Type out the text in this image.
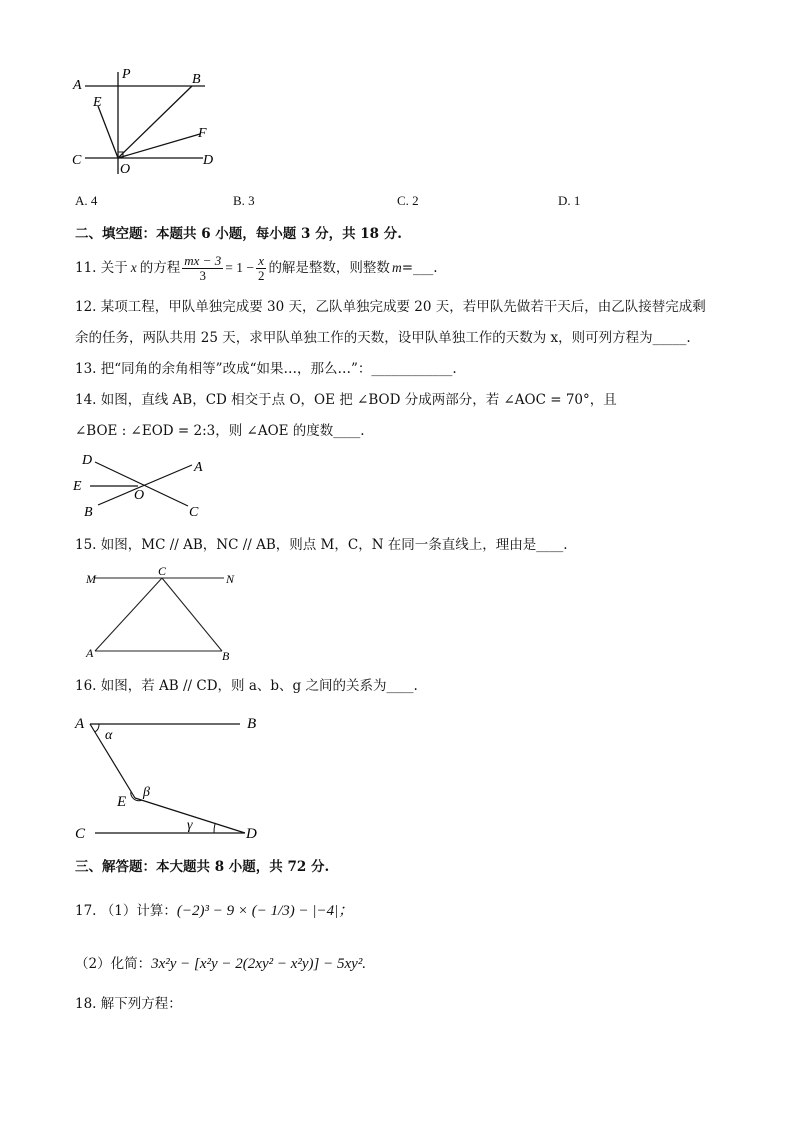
A
P	B
E
F
C
O
D
A. 4	B. 3	C. 2	D. 1
二、填空题：本题共 6 小题，每小题 3 分，共 18 分.
11. 关于 x 的方程 $\frac{mx - 3}{3} = 1 - \frac{x}{2}$ 的解是整数，则整数 m =___.
12. 某项工程，甲队单独完成要 30 天，乙队单独完成要 20 天，若甲队先做若干天后，由乙队接替完成剩
余的任务，两队共用 25 天，求甲队单独工作的天数，设甲队单独工作的天数为 x，则可列方程为_____.
13. 把“同角的余角相等”改成“如果…，那么…”：____________.
14. 如图，直线 AB，CD 相交于点 O，OE 把 ∠BOD 分成两部分，若 ∠AOC = 70°，且
∠BOE : ∠EOD = 2:3，则 ∠AOE 的度数____.
D	A
E
O
B	C
15. 如图，MC // AB，NC // AB，则点 M，C，N 在同一条直线上，理由是____.
M
C
N
A	B
16. 如图，若 AB // CD，则 a、b、g 之间的关系为____.
A	B
α
E
β
γ
C	D
三、解答题：本大题共 8 小题，共 72 分.
17. （1）计算：(−2)³ − 9 × (− 1/3) − |−4|；
（2）化简：3x²y − [x²y − 2(2xy² − x²y)] − 5xy².
18. 解下列方程：
